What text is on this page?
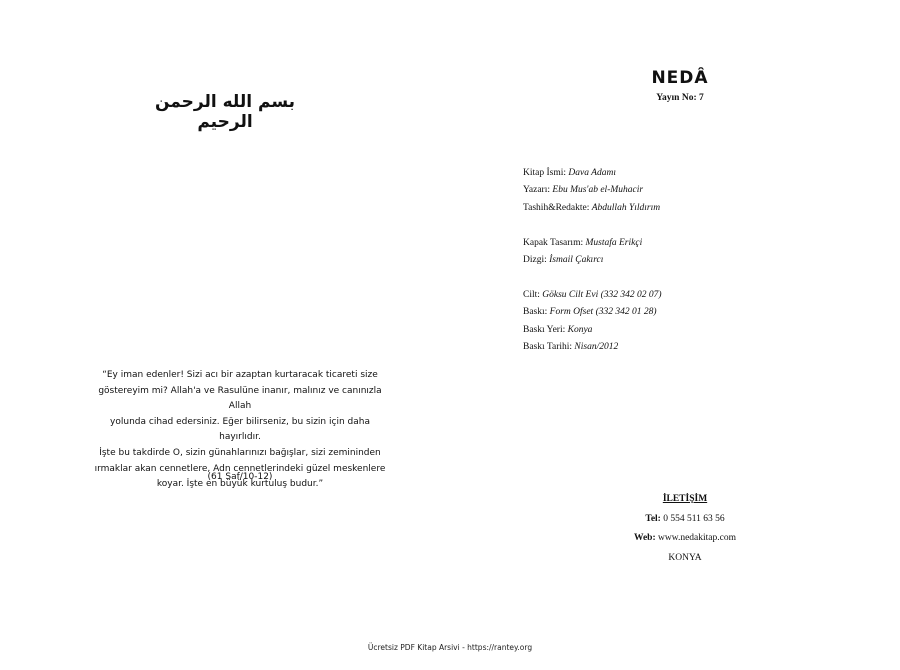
بسم الله الرحمن الرحيم
“Ey iman edenler! Sizi acı bir azaptan kurtaracak ticareti size
göstereyim mi? Allah'a ve Rasulüne inanır, malınız ve canınızla Allah
yolunda cihad edersiniz. Eğer bilirseniz, bu sizin için daha hayırlıdır.
İşte bu takdirde O, sizin günahlarınızı bağışlar, sizi zemininden
ırmaklar akan cennetlere, Adn cennetlerindeki güzel meskenlere
koyar. İşte en büyük kurtuluş budur.”
(61 Saf/10-12)
NEDÂ
Yayın No: 7
Kitap İsmi: Dava Adamı
Yazarı: Ebu Mus'ab el-Muhacir
Tashih&Redakte: Abdullah Yıldırım
Kapak Tasarım: Mustafa Erikçi
Dizgi: İsmail Çakırcı
Cilt: Göksu Cilt Evi (332 342 02 07)
Baskı: Form Ofset (332 342 01 28)
Baskı Yeri: Konya
Baskı Tarihi: Nisan/2012
İLETİŞİM
Tel: 0 554 511 63 56
Web: www.nedakitap.com
KONYA
Ücretsiz PDF Kitap Arsivi - https://rantey.org
